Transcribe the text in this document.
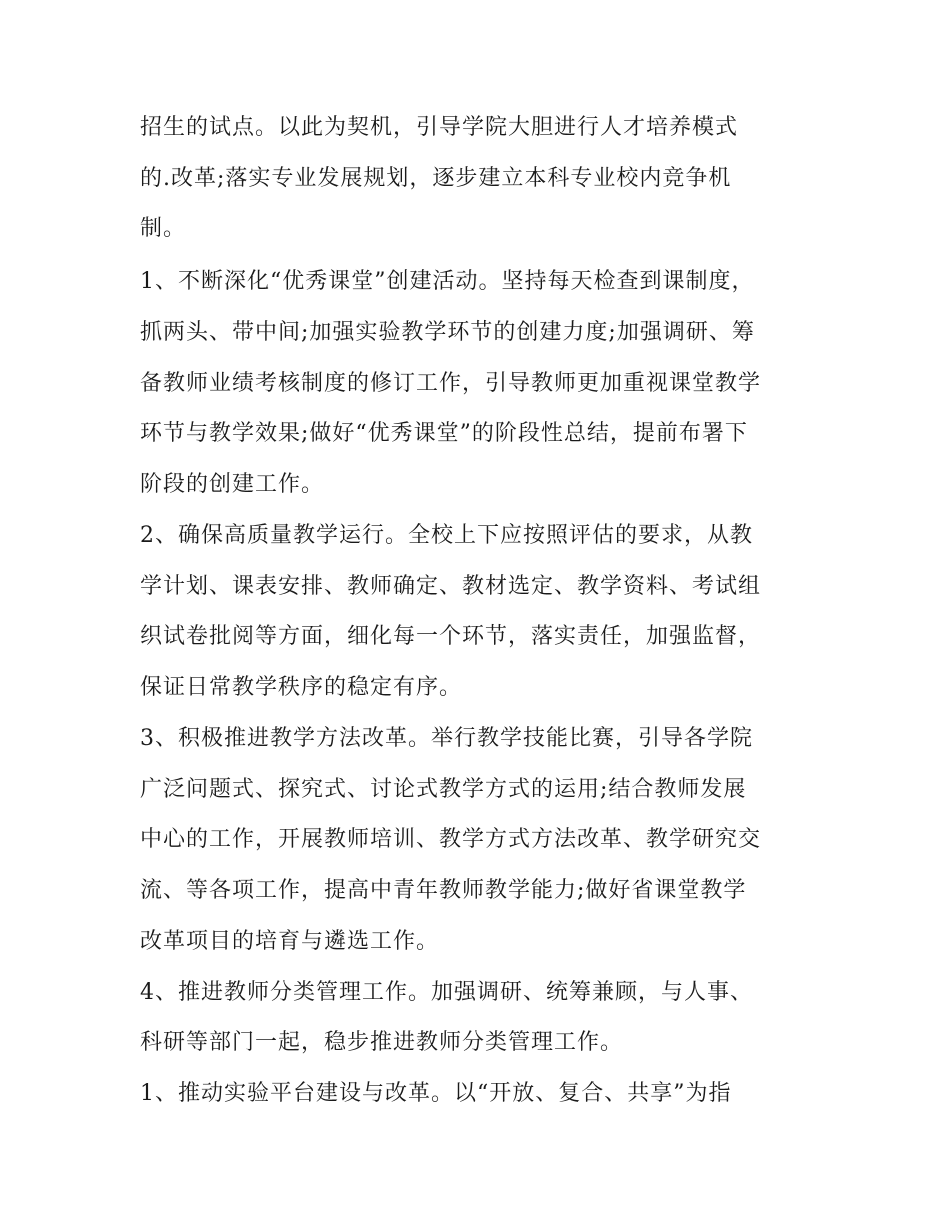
招生的试点。以此为契机，引导学院大胆进行人才培养模式
的.改革;落实专业发展规划，逐步建立本科专业校内竞争机
制。
1、不断深化“优秀课堂”创建活动。坚持每天检查到课制度，
抓两头、带中间;加强实验教学环节的创建力度;加强调研、筹
备教师业绩考核制度的修订工作，引导教师更加重视课堂教学
环节与教学效果;做好“优秀课堂”的阶段性总结，提前布署下
阶段的创建工作。
2、确保高质量教学运行。全校上下应按照评估的要求，从教
学计划、课表安排、教师确定、教材选定、教学资料、考试组
织试卷批阅等方面，细化每一个环节，落实责任，加强监督，
保证日常教学秩序的稳定有序。
3、积极推进教学方法改革。举行教学技能比赛，引导各学院
广泛问题式、探究式、讨论式教学方式的运用;结合教师发展
中心的工作，开展教师培训、教学方式方法改革、教学研究交
流、等各项工作，提高中青年教师教学能力;做好省课堂教学
改革项目的培育与遴选工作。
4、推进教师分类管理工作。加强调研、统筹兼顾，与人事、
科研等部门一起，稳步推进教师分类管理工作。
1、推动实验平台建设与改革。以“开放、复合、共享”为指
